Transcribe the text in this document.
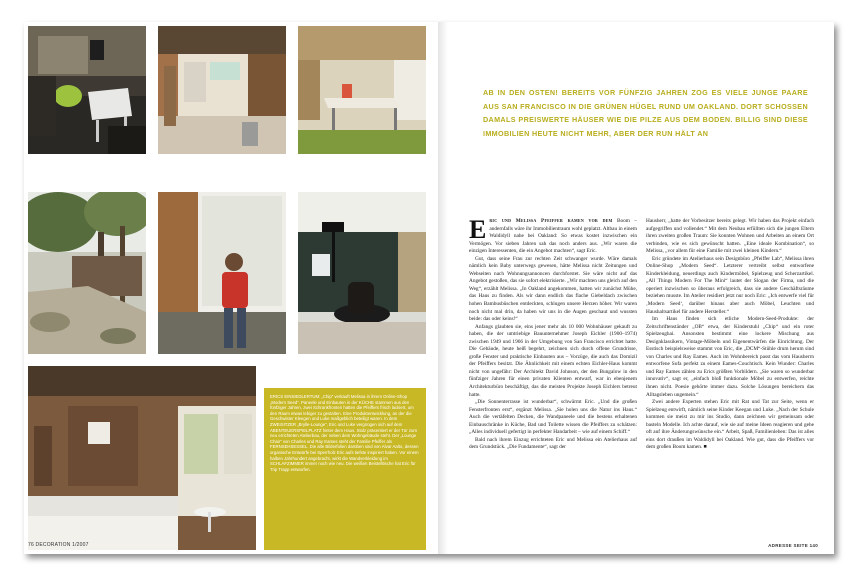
ERICS EINSIEDLERTUM: „Chip“ verkauft Melissa in ihrem Online-Shop „Modern Seed“. Paneele und Einbauten in der KÜCHE stammen aus den fünfziger Jahren, zwei Schrankfronten hatten die Pfeiffers frisch lackiert, um den Raum etwas lebiger zu gestalten. Eine Produktentwicklung, an der die Geschwister Kleegen und Luke maßgeblich beteiligt waren. In dem ZWEISITZER „Brylle-Lounge“, Eric und Luke vergnügen sich auf dem ABENTEUERSPIELPLATZ hinter dem Haus. Stolz präsentiert er der Tür zum neu errichteten Atelierbau, der neben dem Wohngebäude steht. Der „Lounge Chair“ von Charles und Ray Eames steht der Familie Pfeiffer als FERNSEHSESSEL. Die alte Bilderfolien darüben sind von Alvar Aalto, dessen organische Entwürfe bei Sperrholz Eric aufs tiefste inspiriert haben. Vor einem halben Jahrhundert angebracht, wirkt die Wandverkleidung im SCHLAFZIMMER immer noch wie neu. Die weißen Beistelltische hat Eric für Trip Trapp entworfen.

76 DECORATION 1/2007

AB IN DEN OSTEN! BEREITS VOR FÜNFZIG JAHREN ZOG ES VIELE JUNGE PAARE AUS SAN FRANCISCO IN DIE GRÜNEN HÜGEL RUND UM OAKLAND. DORT SCHOSSEN DAMALS PREISWERTE HÄUSER WIE DIE PILZE AUS DEM BODEN. BILLIG SIND DIESE IMMOBILIEN HEUTE NICHT MEHR, ABER DER RUN HÄLT AN

Eric und Melissa Pfeiffer kamen vor dem Boom – andernfalls wäre ihr Immobilientraum wohl geplatzt. Altbau in einem Waldidyll nahe bei Oakland: So etwas kostet inzwischen ein Vermögen. Vor sieben Jahren sah das noch anders aus. „Wir waren die einzigen Interessenten, die ein Angebot machten“, sagt Eric.

Gut, dass seine Frau zur rechten Zeit schwanger wurde. Wäre damals nämlich kein Baby unterwegs gewesen, hätte Melissa nicht Zeitungen und Webseiten nach Wohnungsannoncen durchforstet. Sie wäre nicht auf das Angebot gestoßen, das sie sofort elektrisierte. „Wir machten uns gleich auf den Weg“, erzählt Melissa. „In Oakland angekommen, hatten wir zunächst Mühe, das Haus zu finden. Als wir dann endlich das flache Giebeldach zwischen hohen Bambusbüschen entdeckten, schlugen unsere Herzen höher. Wir waren noch nicht mal drin, da haben wir uns in die Augen geschaut und wussten beide: das oder keins!“

Anfangs glaubten sie, eins jener mehr als 10 000 Wohnhäuser gekauft zu haben, die der umtriebige Bauunternehmer Joseph Eichler (1900–1974) zwischen 1949 und 1966 in der Umgebung von San Francisco errichtet hatte. Die Gebäude, heute heiß begehrt, zeichnen sich durch offene Grundrisse, große Fenster und praktische Einbauten aus – Vorzüge, die auch das Domizil der Pfeiffers besitzt. Die Ähnlichkeit mit einem echten Eichler-Haus kommt nicht von ungefähr: Der Architekt David Johnson, der den Bungalow in den fünfziger Jahren für einen privaten Klienten entwarf, war in ebenjenem Architekturbüro beschäftigt, das die meisten Projekte Joseph Eichlers betreut hatte.

„Die Sonnenterrasse ist wunderbar“, schwärmt Eric. „Und die großen Fensterfronten erst“, ergänzt Melissa. „Sie holen uns die Natur ins Haus.“ Auch die vertäfelten Decken, die Wandpaneele und die bestens erhaltenen Einbauschränke in Küche, Bad und Toilette wissen die Pfeiffers zu schätzen: „Alles individuell gefertigt in perfekter Handarbeit – wie auf einem Schiff.“

Bald nach ihrem Einzug errichteten Eric und Melissa ein Atelierhaus auf dem Grundstück. „Die Fundamente“, sagt der

Hausherr, „hatte der Vorbesitzer bereits gelegt. Wir haben das Projekt einfach aufgegriffen und vollendet.“ Mit dem Neubau erfüllten sich die jungen Eltern ihren zweiten großen Traum: Sie konnten Wohnen und Arbeiten an einem Ort verbinden, wie es sich gewünscht hatten. „Eine ideale Kombination“, so Melissa, „vor allem für eine Familie mit zwei kleinen Kindern.“

Eric gründete im Atelierhaus sein Designbüro „Pfeiffer Lab“, Melissa ihren Online-Shop „Modern Seed“. Letzterer vertreibt selbst entworfene Kinderkleidung, neuerdings auch Kindermöbel, Spielzeug und Scherzartikel. „All Things Modern For The Mini“ lautet der Slogan der Firma, und die operiert inzwischen so überaus erfolgreich, dass sie andere Geschäftsräume beziehen musste. Im Atelier residiert jetzt nur noch Eric: „Ich entwerfe viel für ‚Modern Seed‘, darüber hinaus aber auch Möbel, Leuchten und Haushaltsartikel für andere Hersteller.“

Im Haus finden sich etliche Modern-Seed-Produkte: der Zeitschriftenständer „OB“ etwa, der Kinderstuhl „Chip“ und ein roter Spielzeughai. Ansonsten bestimmt eine lockere Mischung aus Designklassikern, Vintage-Möbeln und Eigenentwürfen die Einrichtung. Der Esstisch beispielsweise stammt von Eric, die „DCM“-Stühle drum herum sind von Charles und Ray Eames. Auch im Wohnbereich passt das vom Hausherrn entworfene Sofa perfekt zu einem Eames-Couchtisch. Kein Wunder: Charles und Ray Eames zählen zu Erics größten Vorbildern. „Sie waren so wunderbar innovativ“, sagt er, „einfach bloß funktionale Möbel zu entwerfen, reichte ihnen nicht. Poesie gehörte immer dazu. Solche Lösungen bereichern das Alltagsleben ungemein.“

Zwei andere Experten stehen Eric mit Rat und Tat zur Seite, wenn er Spielzeug entwirft, nämlich seine Kinder Keegan und Luke. „Nach der Schule kommen sie meist zu mir ins Studio, dann zeichnen wir gemeinsam oder basteln Modelle. Ich achte darauf, wie sie auf meine Ideen reagieren und gehe oft auf ihre Änderungswünsche ein.“ Arbeit, Spaß, Familienleben: Das ist alles eins dort draußen im Waldidyll bei Oakland. Wie gut, dass die Pfeiffers vor dem großen Boom kamen. ■

ADRESSE SEITE 140
